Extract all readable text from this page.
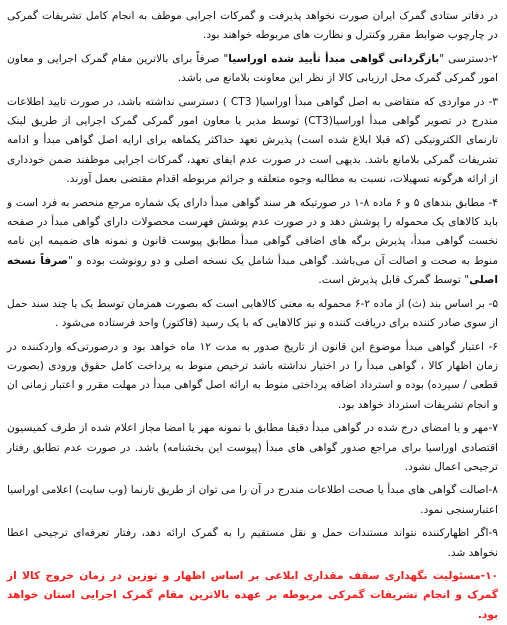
در دفاتر ستادی گمرک ایران صورت نخواهد پذیرفت و گمرکات اجرایی موظف به انجام کامل تشریفات گمرکی در چارچوب ضوابط مقرر وکنترل و نظارت های مربوطه خواهند بود.

۲-دسترسی "بازگردانی گواهی مبدأ تأیید شده اوراسیا" صرفاً برای بالاترین مقام گمرک اجرایی و معاون امور گمرکی گمرک محل ارزیابی کالا از نظر این معاونت بلامانع می باشد.

۳- در مواردی که متقاضی به اصل گواهی مبدأ اوراسیا( CT3 ) دسترسی نداشته باشد، در صورت تایید اطلاعات مندرج در تصویر گواهی مبدأ اوراسیا(CT3) توسط مدیر یا معاون امور گمرکی گمرک اجرایی از طریق لینک تارنمای الکترونیکی (که قبلا ابلاغ شده است) پذیرش تعهد حداکثر یکماهه برای ارایه اصل گواهی مبدأ و ادامه تشریفات گمرکی بلامانع باشد. بدیهی است در صورت عدم ایفای تعهد، گمرکات اجرایی موظفند ضمن خودداری از ارائه هرگونه تسهیلات، نسبت به مطالبه وجوه متعلقه و جرائم مربوطه اقدام مقتضی بعمل آورند.

۴- مطابق بندهای ۵ و ۶ ماده ۸-۱ در صورتیکه هر سند گواهی مبدأ دارای یک شماره مرجع منحصر به فرد است و باید کالاهای یک محموله را پوشش دهد و در صورت عدم پوشش فهرست محصولات دارای گواهی مبدأ در صفحه نخست گواهی مبدأ، پذیرش برگه های اضافی گواهی مبدأ مطابق پیوست قانون و نمونه های ضمیمه این نامه منوط به صحت و اصالت آن می‌باشد. گواهی مبدأ شامل یک نسخه اصلی و دو رونوشت بوده و "صرفاً نسخه اصلی" توسط گمرک قابل پذیرش است.

۵- بر اساس بند (ث) از ماده ۲-۶ محموله به معنی کالاهایی است که بصورت همزمان توسط یک یا چند سند حمل از سوی صادر کننده برای دریافت کننده و نیز کالاهایی که با یک رسید (فاکتور) واحد فرستاده می‌شود .

۶- اعتبار گواهی مبدأ موضوع این قانون از تاریخ صدور به مدت ۱۲ ماه خواهد بود و درصورتی‌که وارد‌کننده در زمان اظهار کالا ، گواهی مبدأ را در اختیار نداشته باشد ترخیص منوط به پرداخت کامل حقوق ورودی (بصورت قطعی / سپرده) بوده و استرداد اضافه پرداختی منوط به ارائه اصل گواهی مبدأ در مهلت مقرر و اعتبار زمانی ان و انجام تشریفات استرداد خواهد بود.

۷-مهر و یا امضای درج شده در گواهی مبدأ دقیقا مطابق با نمونه مهر یا امضا مجاز اعلام شده از طرف کمیسیون اقتصادی اوراسیا برای مراجع صدور گواهی های مبدأ (پیوست این بخشنامه) باشد. در صورت عدم تطابق رفتار ترجیحی اعمال نشود.

۸-اصالت گواهی های مبدأ یا صحت اطلاعات مندرج در آن را می توان از طریق تارنما (وب سایت) اعلامی اوراسیا اعتبارسنجی نمود.

۹-اگر اظهارکننده نتواند مستندات حمل و نقل مستقیم را به گمرک ارائه دهد، رفتار تعرفه‌ای ترجیحی اعطا نخواهد شد.

۱۰-مسئولیت نگهداری سقف مقداری ابلاغی بر اساس اظهار و توزین در زمان خروج کالا از گمرک و انجام تشریفات گمرکی مربوطه بر عهده بالاترین مقام گمرک اجرایی استان خواهد بود.
